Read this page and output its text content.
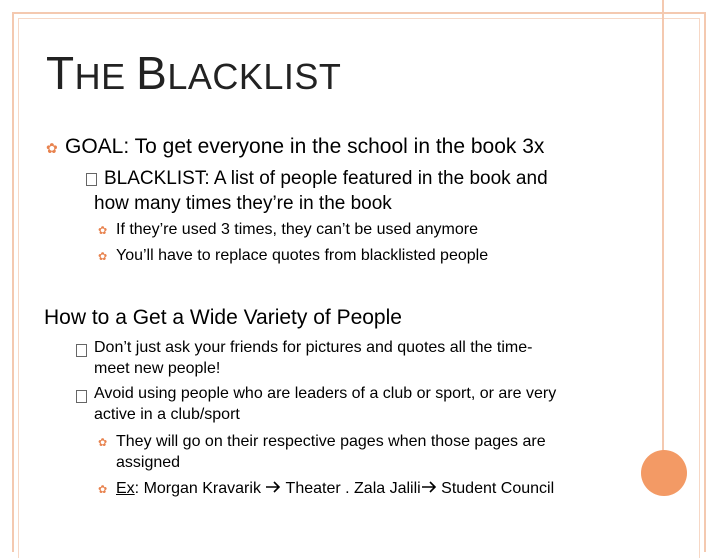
THE BLACKLIST
✿ GOAL: To get everyone in the school in the book 3x
BLACKLIST: A list of people featured in the book and
how many times they’re in the book
✿ If they’re used 3 times, they can’t be used anymore
✿ You’ll have to replace quotes from blacklisted people
How to a Get a Wide Variety of People
Don’t just ask your friends for pictures and quotes all the time-
meet new people!
Avoid using people who are leaders of a club or sport, or are very
active in a club/sport
✿ They will go on their respective pages when those pages are
assigned
✿ Ex: Morgan Kravarik  Theater . Zala Jalili Student Council
